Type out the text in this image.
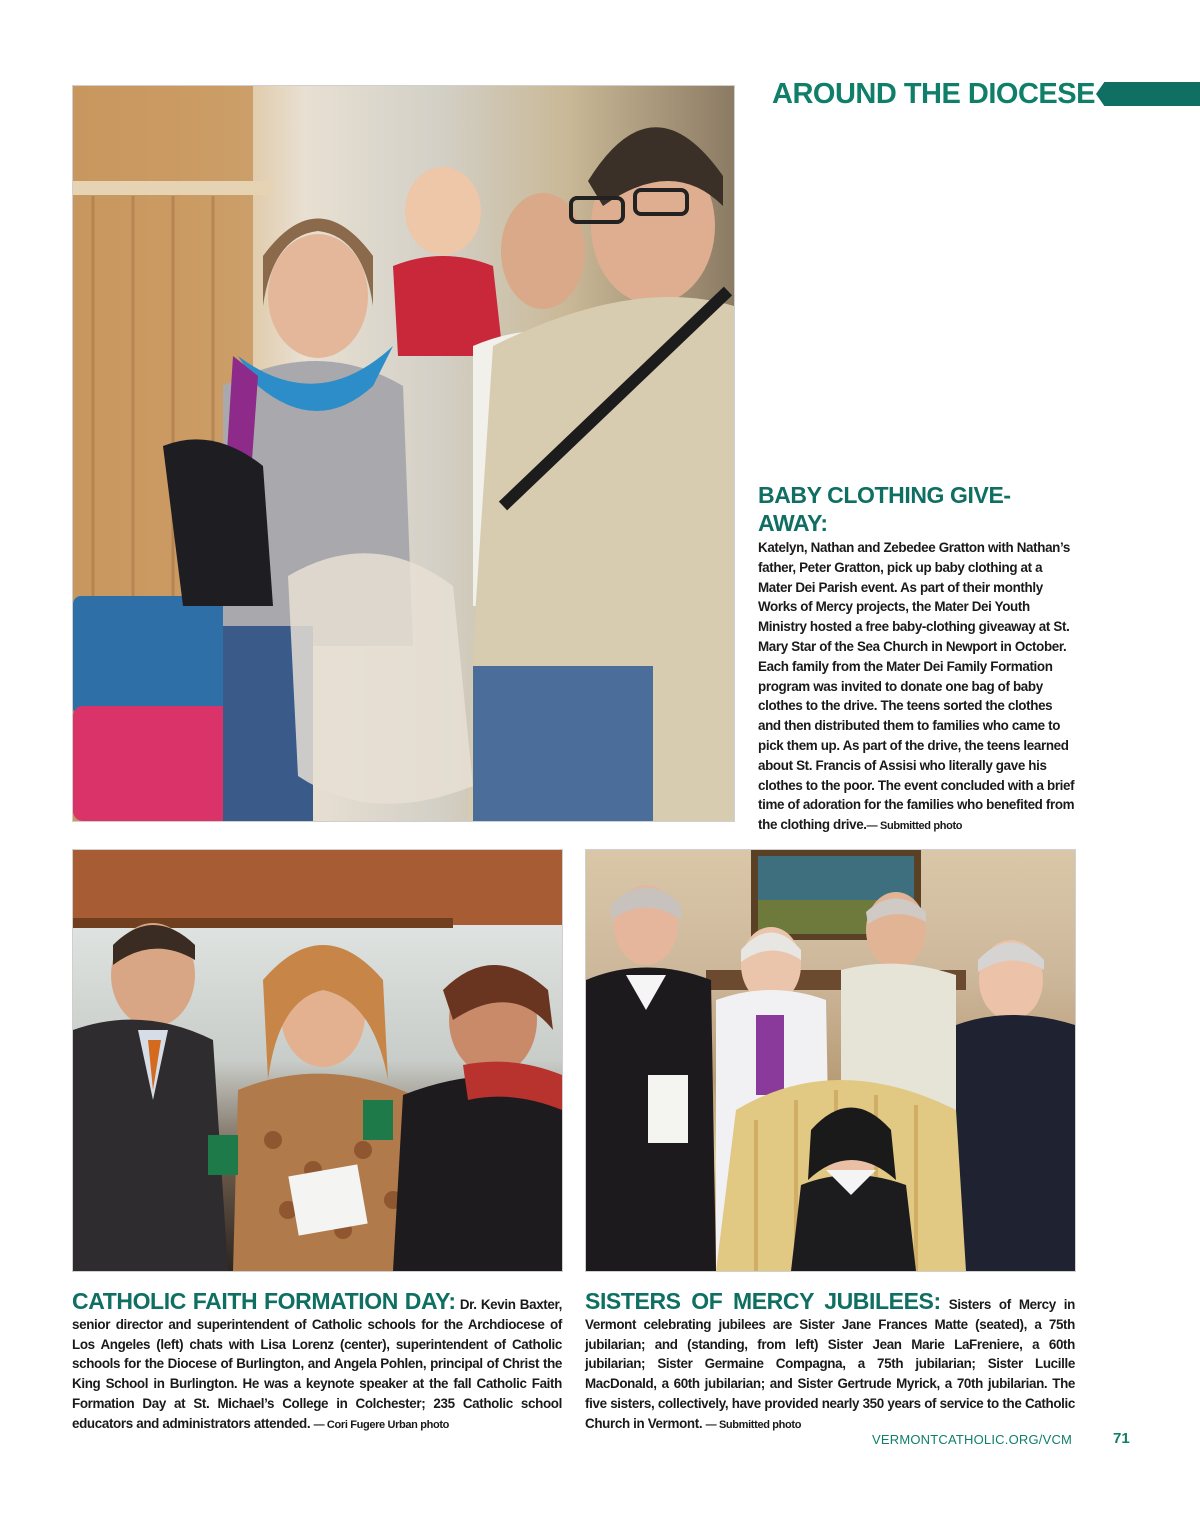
AROUND THE DIOCESE
BABY CLOTHING GIVE-AWAY:
Katelyn, Nathan and Zebedee Gratton with Nathan’s father, Peter Gratton, pick up baby clothing at a Mater Dei Parish event. As part of their monthly Works of Mercy projects, the Mater Dei Youth Ministry hosted a free baby-clothing giveaway at St. Mary Star of the Sea Church in Newport in October. Each family from the Mater Dei Family Formation program was invited to donate one bag of baby clothes to the drive. The teens sorted the clothes and then distributed them to families who came to pick them up. As part of the drive, the teens learned about St. Francis of Assisi who literally gave his clothes to the poor. The event concluded with a brief time of adoration for the families who benefited from the clothing drive.— Submitted photo
CATHOLIC FAITH FORMATION DAY: Dr. Kevin Baxter, senior director and superintendent of Catholic schools for the Archdiocese of Los Angeles (left) chats with Lisa Lorenz (center), superintendent of Catholic schools for the Diocese of Burlington, and Angela Pohlen, principal of Christ the King School in Burlington. He was a keynote speaker at the fall Catholic Faith Formation Day at St. Michael’s College in Colchester; 235 Catholic school educators and administrators attended. — Cori Fugere Urban photo
SISTERS OF MERCY JUBILEES: Sisters of Mercy in Vermont celebrating jubilees are Sister Jane Frances Matte (seated), a 75th jubilarian; and (standing, from left) Sister Jean Marie LaFreniere, a 60th jubilarian; Sister Germaine Compagna, a 75th jubilarian; Sister Lucille MacDonald, a 60th jubilarian; and Sister Gertrude Myrick, a 70th jubilarian. The five sisters, collectively, have provided nearly 350 years of service to the Catholic Church in Vermont. — Submitted photo
VERMONTCATHOLIC.ORG/VCM	71
